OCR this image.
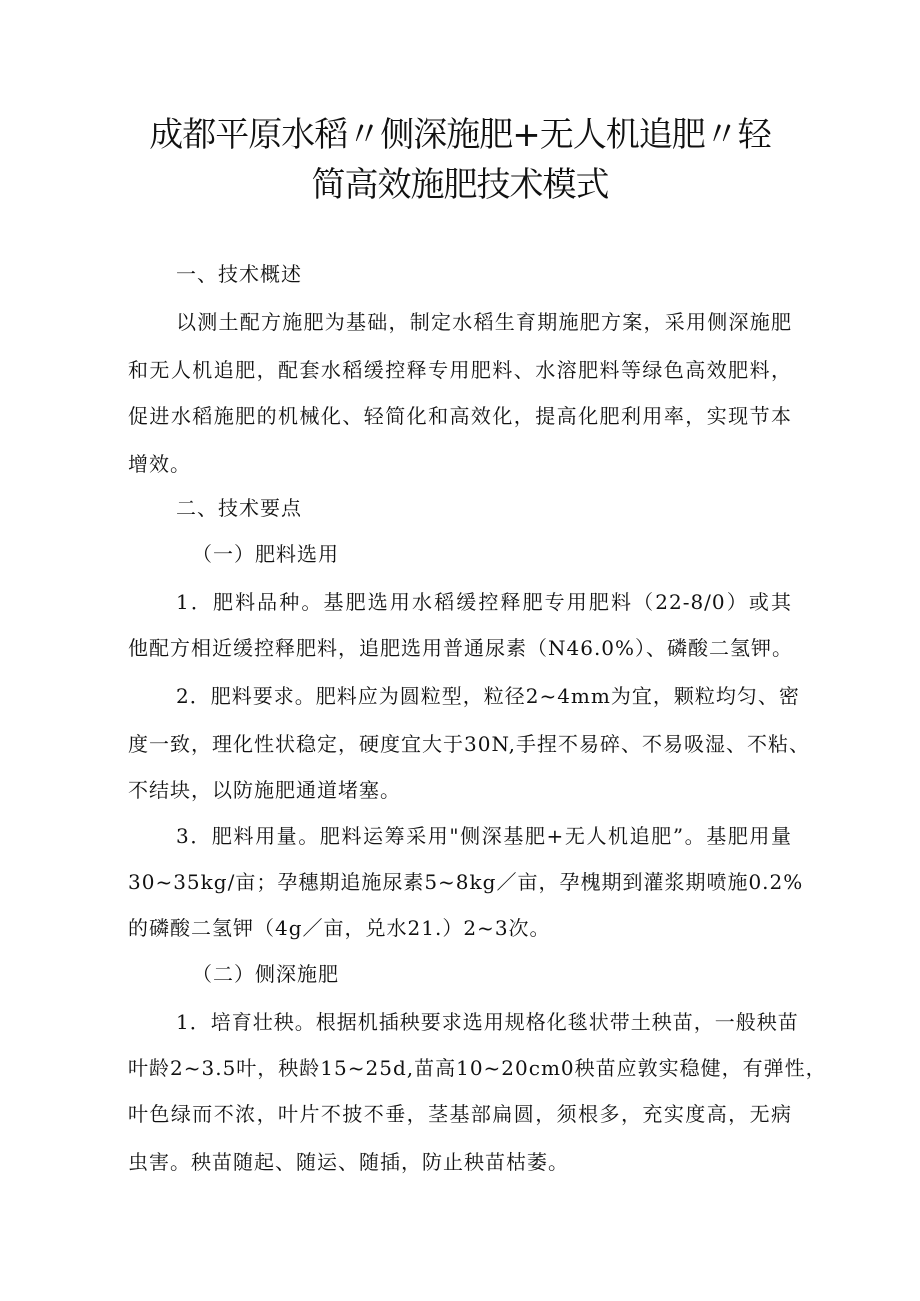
成都平原水稻〃侧深施肥+无人机追肥〃轻
简高效施肥技术模式
一、技术概述
以测土配方施肥为基础，制定水稻生育期施肥方案，采用侧深施肥
和无人机追肥，配套水稻缓控释专用肥料、水溶肥料等绿色高效肥料，
促进水稻施肥的机械化、轻简化和高效化，提高化肥利用率，实现节本
增效。
二、技术要点
（一）肥料选用
1．肥料品种。基肥选用水稻缓控释肥专用肥料（22-8/0）或其
他配方相近缓控释肥料，追肥选用普通尿素（N46.0%）、磷酸二氢钾。
2．肥料要求。肥料应为圆粒型，粒径2~4mm为宜，颗粒均匀、密
度一致，理化性状稳定，硬度宜大于30N,手捏不易碎、不易吸湿、不粘、
不结块，以防施肥通道堵塞。
3．肥料用量。肥料运筹采用"侧深基肥+无人机追肥”。基肥用量
30~35kg/亩；孕穗期追施尿素5~8kg／亩，孕槐期到灌浆期喷施0.2%
的磷酸二氢钾（4g／亩，兑水21.）2~3次。
（二）侧深施肥
1．培育壮秧。根据机插秧要求选用规格化毯状带土秧苗，一般秧苗
叶龄2~3.5叶，秧龄15~25d,苗高10~20cm0秧苗应敦实稳健，有弹性，
叶色绿而不浓，叶片不披不垂，茎基部扁圆，须根多，充实度高，无病
虫害。秧苗随起、随运、随插，防止秧苗枯萎。
